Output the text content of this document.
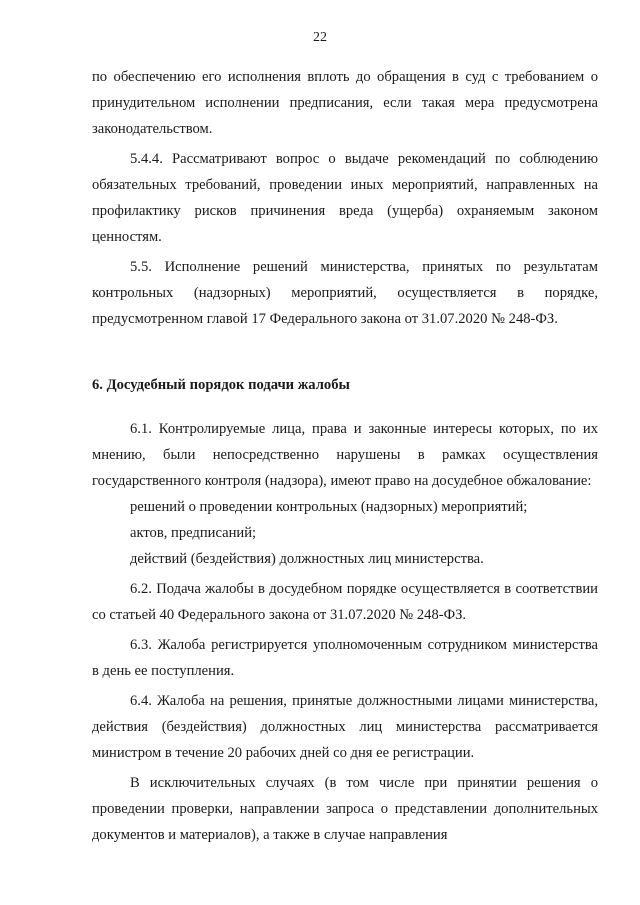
22

по обеспечению его исполнения вплоть до обращения в суд с требованием о принудительном исполнении предписания, если такая мера предусмотрена законодательством.

5.4.4. Рассматривают вопрос о выдаче рекомендаций по соблюдению обязательных требований, проведении иных мероприятий, направленных на профилактику рисков причинения вреда (ущерба) охраняемым законом ценностям.

5.5. Исполнение решений министерства, принятых по результатам контрольных (надзорных) мероприятий, осуществляется в порядке, предусмотренном главой 17 Федерального закона от 31.07.2020 № 248-ФЗ.

6. Досудебный порядок подачи жалобы

6.1. Контролируемые лица, права и законные интересы которых, по их мнению, были непосредственно нарушены в рамках осуществления государственного контроля (надзора), имеют право на досудебное обжалование:

решений о проведении контрольных (надзорных) мероприятий;

актов, предписаний;

действий (бездействия) должностных лиц министерства.

6.2. Подача жалобы в досудебном порядке осуществляется в соответствии со статьей 40 Федерального закона от 31.07.2020 № 248-ФЗ.

6.3. Жалоба регистрируется уполномоченным сотрудником министерства в день ее поступления.

6.4. Жалоба на решения, принятые должностными лицами министерства, действия (бездействия) должностных лиц министерства рассматривается министром в течение 20 рабочих дней со дня ее регистрации.

В исключительных случаях (в том числе при принятии решения о проведении проверки, направлении запроса о представлении дополнительных документов и материалов), а также в случае направления
